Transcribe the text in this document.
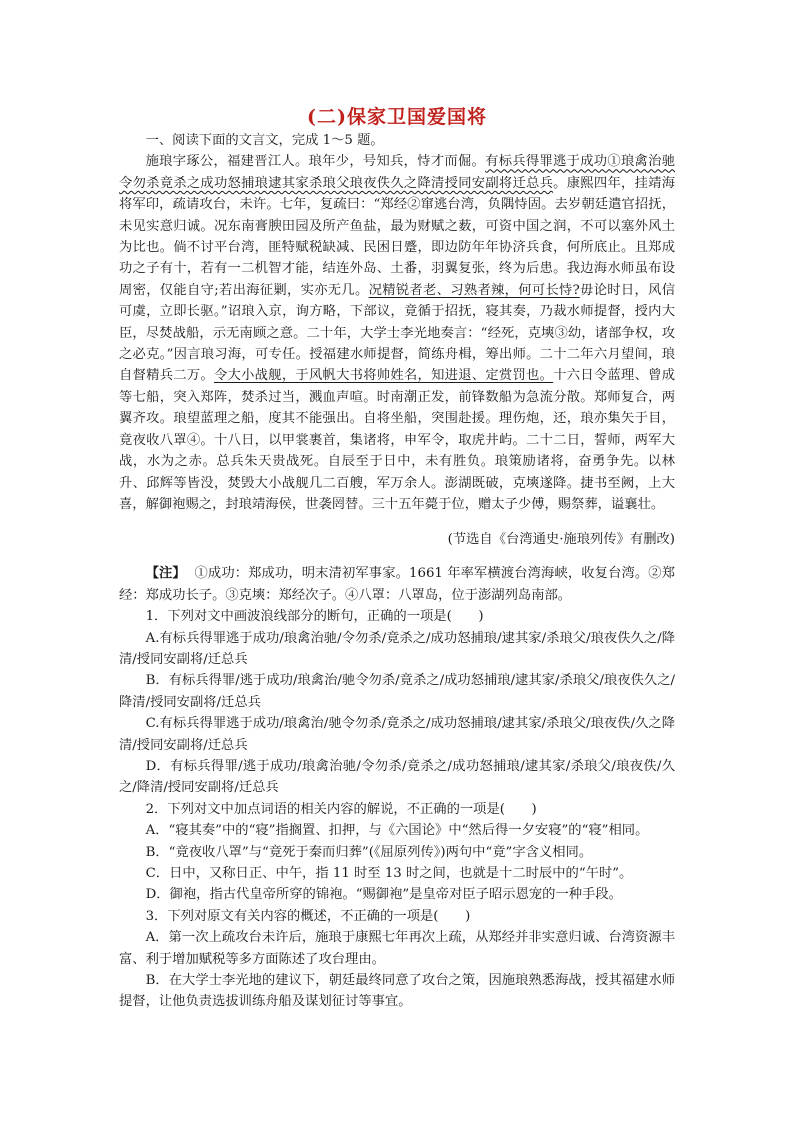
(二)保家卫国爱国将

一、阅读下面的文言文，完成 1～5 题。

施琅字琢公，福建晋江人。琅年少，号知兵，恃才而倔。有标兵得罪逃于成功①琅禽治驰令勿杀竟杀之成功怒捕琅逮其家杀琅父琅夜佚久之降清授同安副将迁总兵。康熙四年，挂靖海将军印，疏请攻台，未许。七年，复疏曰：“郑经②窜逃台湾，负隅恃固。去岁朝廷遣官招抚，未见实意归诚。况东南膏腴田园及所产鱼盐，最为财赋之薮，可资中国之润，不可以塞外风土为比也。倘不讨平台湾，匪特赋税缺减、民困日蹙，即边防年年协济兵食，何所底止。且郑成功之子有十，若有一二机智才能，结连外岛、土番，羽翼复张，终为后患。我边海水师虽布设周密，仅能自守;若出海征剿，实亦无几。况精锐者老、习熟者辣，何可长恃?毋论时日，风信可虞，立即长驱。”诏琅入京，询方略，下部议，竟循于招抚，寝其奏，乃裁水师提督，授内大臣，尽焚战船，示无南顾之意。二十年，大学士李光地奏言：“经死，克塽③幼，诸部争权，攻之必克。”因言琅习海，可专任。授福建水师提督，简练舟楫，筹出师。二十二年六月望间，琅自督精兵二万。令大小战舰，于风帆大书将帅姓名，知进退、定赏罚也。十六日令蓝理、曾成等七船，突入郑阵，焚杀过当，溅血声喧。时南潮正发，前锋数船为急流分散。郑师复合，两翼齐攻。琅望蓝理之船，度其不能强出。自将坐船，突围赴援。理伤炮，还，琅亦集矢于目，竟夜收八罩④。十八日，以甲裳裹首，集诸将，申军令，取虎井屿。二十二日，誓师，两军大战，水为之赤。总兵朱天贵战死。自辰至于日中，未有胜负。琅策励诸将，奋勇争先。以林升、邱辉等皆没，焚毁大小战舰几二百艘，军万余人。澎湖既破，克塽遂降。捷书至阙，上大喜，解御袍赐之，封琅靖海侯，世袭罔替。三十五年薨于位，赠太子少傅，赐祭葬，谥襄壮。

(节选自《台湾通史·施琅列传》有删改)

【注】 ①成功：郑成功，明末清初军事家。1661 年率军横渡台湾海峡，收复台湾。②郑经：郑成功长子。③克塽：郑经次子。④八罩：八罩岛，位于澎湖列岛南部。

1．下列对文中画波浪线部分的断句，正确的一项是(　　)

A.有标兵得罪逃于成功/琅禽治驰/令勿杀/竟杀之/成功怒捕琅/逮其家/杀琅父/琅夜佚久之/降清/授同安副将/迁总兵

B．有标兵得罪/逃于成功/琅禽治/驰令勿杀/竟杀之/成功怒捕琅/逮其家/杀琅父/琅夜佚久之/降清/授同安副将/迁总兵

C.有标兵得罪逃于成功/琅禽治/驰令勿杀/竟杀之/成功怒捕琅/逮其家/杀琅父/琅夜佚/久之降清/授同安副将/迁总兵

D．有标兵得罪/逃于成功/琅禽治驰/令勿杀/竟杀之/成功怒捕琅/逮其家/杀琅父/琅夜佚/久之/降清/授同安副将/迁总兵

2．下列对文中加点词语的相关内容的解说，不正确的一项是(　　)

A．“寝其奏”中的“寝”指搁置、扣押，与《六国论》中“然后得一夕安寝”的“寝”相同。

B．“竟夜收八罩”与“竟死于秦而归葬”(《屈原列传》)两句中“竟”字含义相同。

C．日中，又称日正、中午，指 11 时至 13 时之间，也就是十二时辰中的“午时”。

D．御袍，指古代皇帝所穿的锦袍。“赐御袍”是皇帝对臣子昭示恩宠的一种手段。

3．下列对原文有关内容的概述，不正确的一项是(　　)

A．第一次上疏攻台未许后，施琅于康熙七年再次上疏，从郑经并非实意归诚、台湾资源丰富、利于增加赋税等多方面陈述了攻台理由。

B．在大学士李光地的建议下，朝廷最终同意了攻台之策，因施琅熟悉海战，授其福建水师提督，让他负责选拔训练舟船及谋划征讨等事宜。
